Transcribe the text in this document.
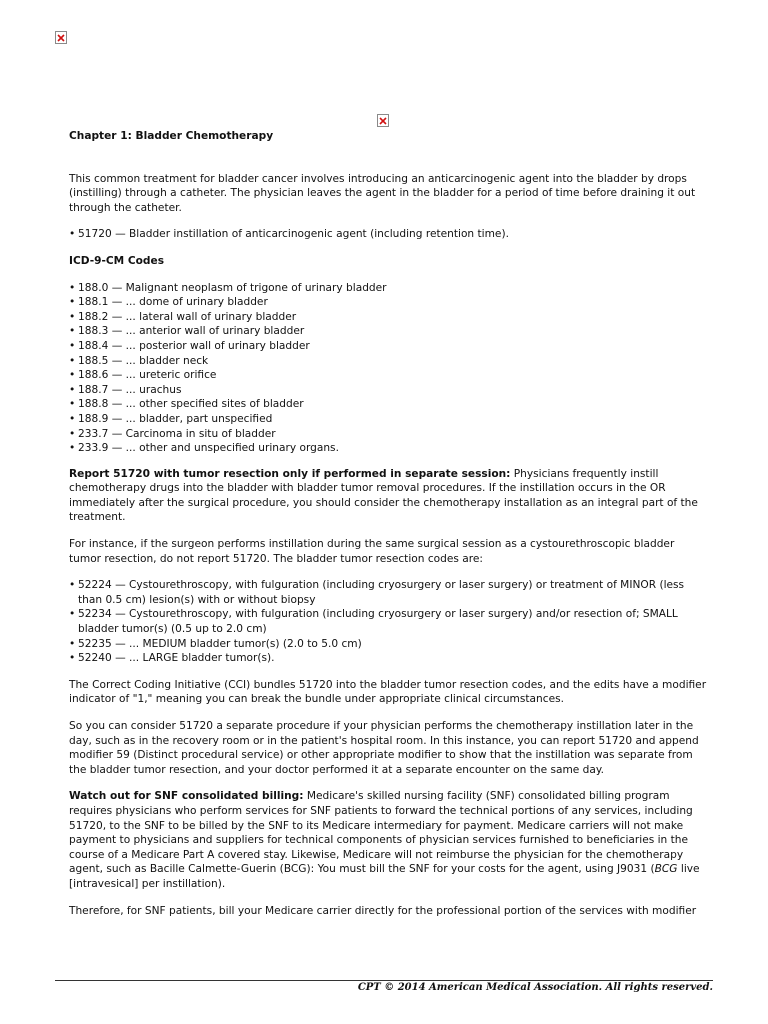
Chapter 1: Bladder Chemotherapy

This common treatment for bladder cancer involves introducing an anticarcinogenic agent into the bladder by drops (instilling) through a catheter. The physician leaves the agent in the bladder for a period of time before draining it out through the catheter.

• 51720 — Bladder instillation of anticarcinogenic agent (including retention time).

ICD-9-CM Codes

• 188.0 — Malignant neoplasm of trigone of urinary bladder
• 188.1 — ... dome of urinary bladder
• 188.2 — ... lateral wall of urinary bladder
• 188.3 — ... anterior wall of urinary bladder
• 188.4 — ... posterior wall of urinary bladder
• 188.5 — ... bladder neck
• 188.6 — ... ureteric orifice
• 188.7 — ... urachus
• 188.8 — ... other specified sites of bladder
• 188.9 — ... bladder, part unspecified
• 233.7 — Carcinoma in situ of bladder
• 233.9 — ... other and unspecified urinary organs.

Report 51720 with tumor resection only if performed in separate session: Physicians frequently instill chemotherapy drugs into the bladder with bladder tumor removal procedures. If the instillation occurs in the OR immediately after the surgical procedure, you should consider the chemotherapy installation as an integral part of the treatment.

For instance, if the surgeon performs instillation during the same surgical session as a cystourethroscopic bladder tumor resection, do not report 51720. The bladder tumor resection codes are:

• 52224 — Cystourethroscopy, with fulguration (including cryosurgery or laser surgery) or treatment of MINOR (less than 0.5 cm) lesion(s) with or without biopsy
• 52234 — Cystourethroscopy, with fulguration (including cryosurgery or laser surgery) and/or resection of; SMALL bladder tumor(s) (0.5 up to 2.0 cm)
• 52235 — ... MEDIUM bladder tumor(s) (2.0 to 5.0 cm)
• 52240 — ... LARGE bladder tumor(s).

The Correct Coding Initiative (CCI) bundles 51720 into the bladder tumor resection codes, and the edits have a modifier indicator of "1," meaning you can break the bundle under appropriate clinical circumstances.

So you can consider 51720 a separate procedure if your physician performs the chemotherapy instillation later in the day, such as in the recovery room or in the patient's hospital room. In this instance, you can report 51720 and append modifier 59 (Distinct procedural service) or other appropriate modifier to show that the instillation was separate from the bladder tumor resection, and your doctor performed it at a separate encounter on the same day.

Watch out for SNF consolidated billing: Medicare's skilled nursing facility (SNF) consolidated billing program requires physicians who perform services for SNF patients to forward the technical portions of any services, including 51720, to the SNF to be billed by the SNF to its Medicare intermediary for payment. Medicare carriers will not make payment to physicians and suppliers for technical components of physician services furnished to beneficiaries in the course of a Medicare Part A covered stay. Likewise, Medicare will not reimburse the physician for the chemotherapy agent, such as Bacille Calmette-Guerin (BCG): You must bill the SNF for your costs for the agent, using J9031 (BCG live [intravesical] per instillation).

Therefore, for SNF patients, bill your Medicare carrier directly for the professional portion of the services with modifier

CPT © 2014 American Medical Association. All rights reserved.
